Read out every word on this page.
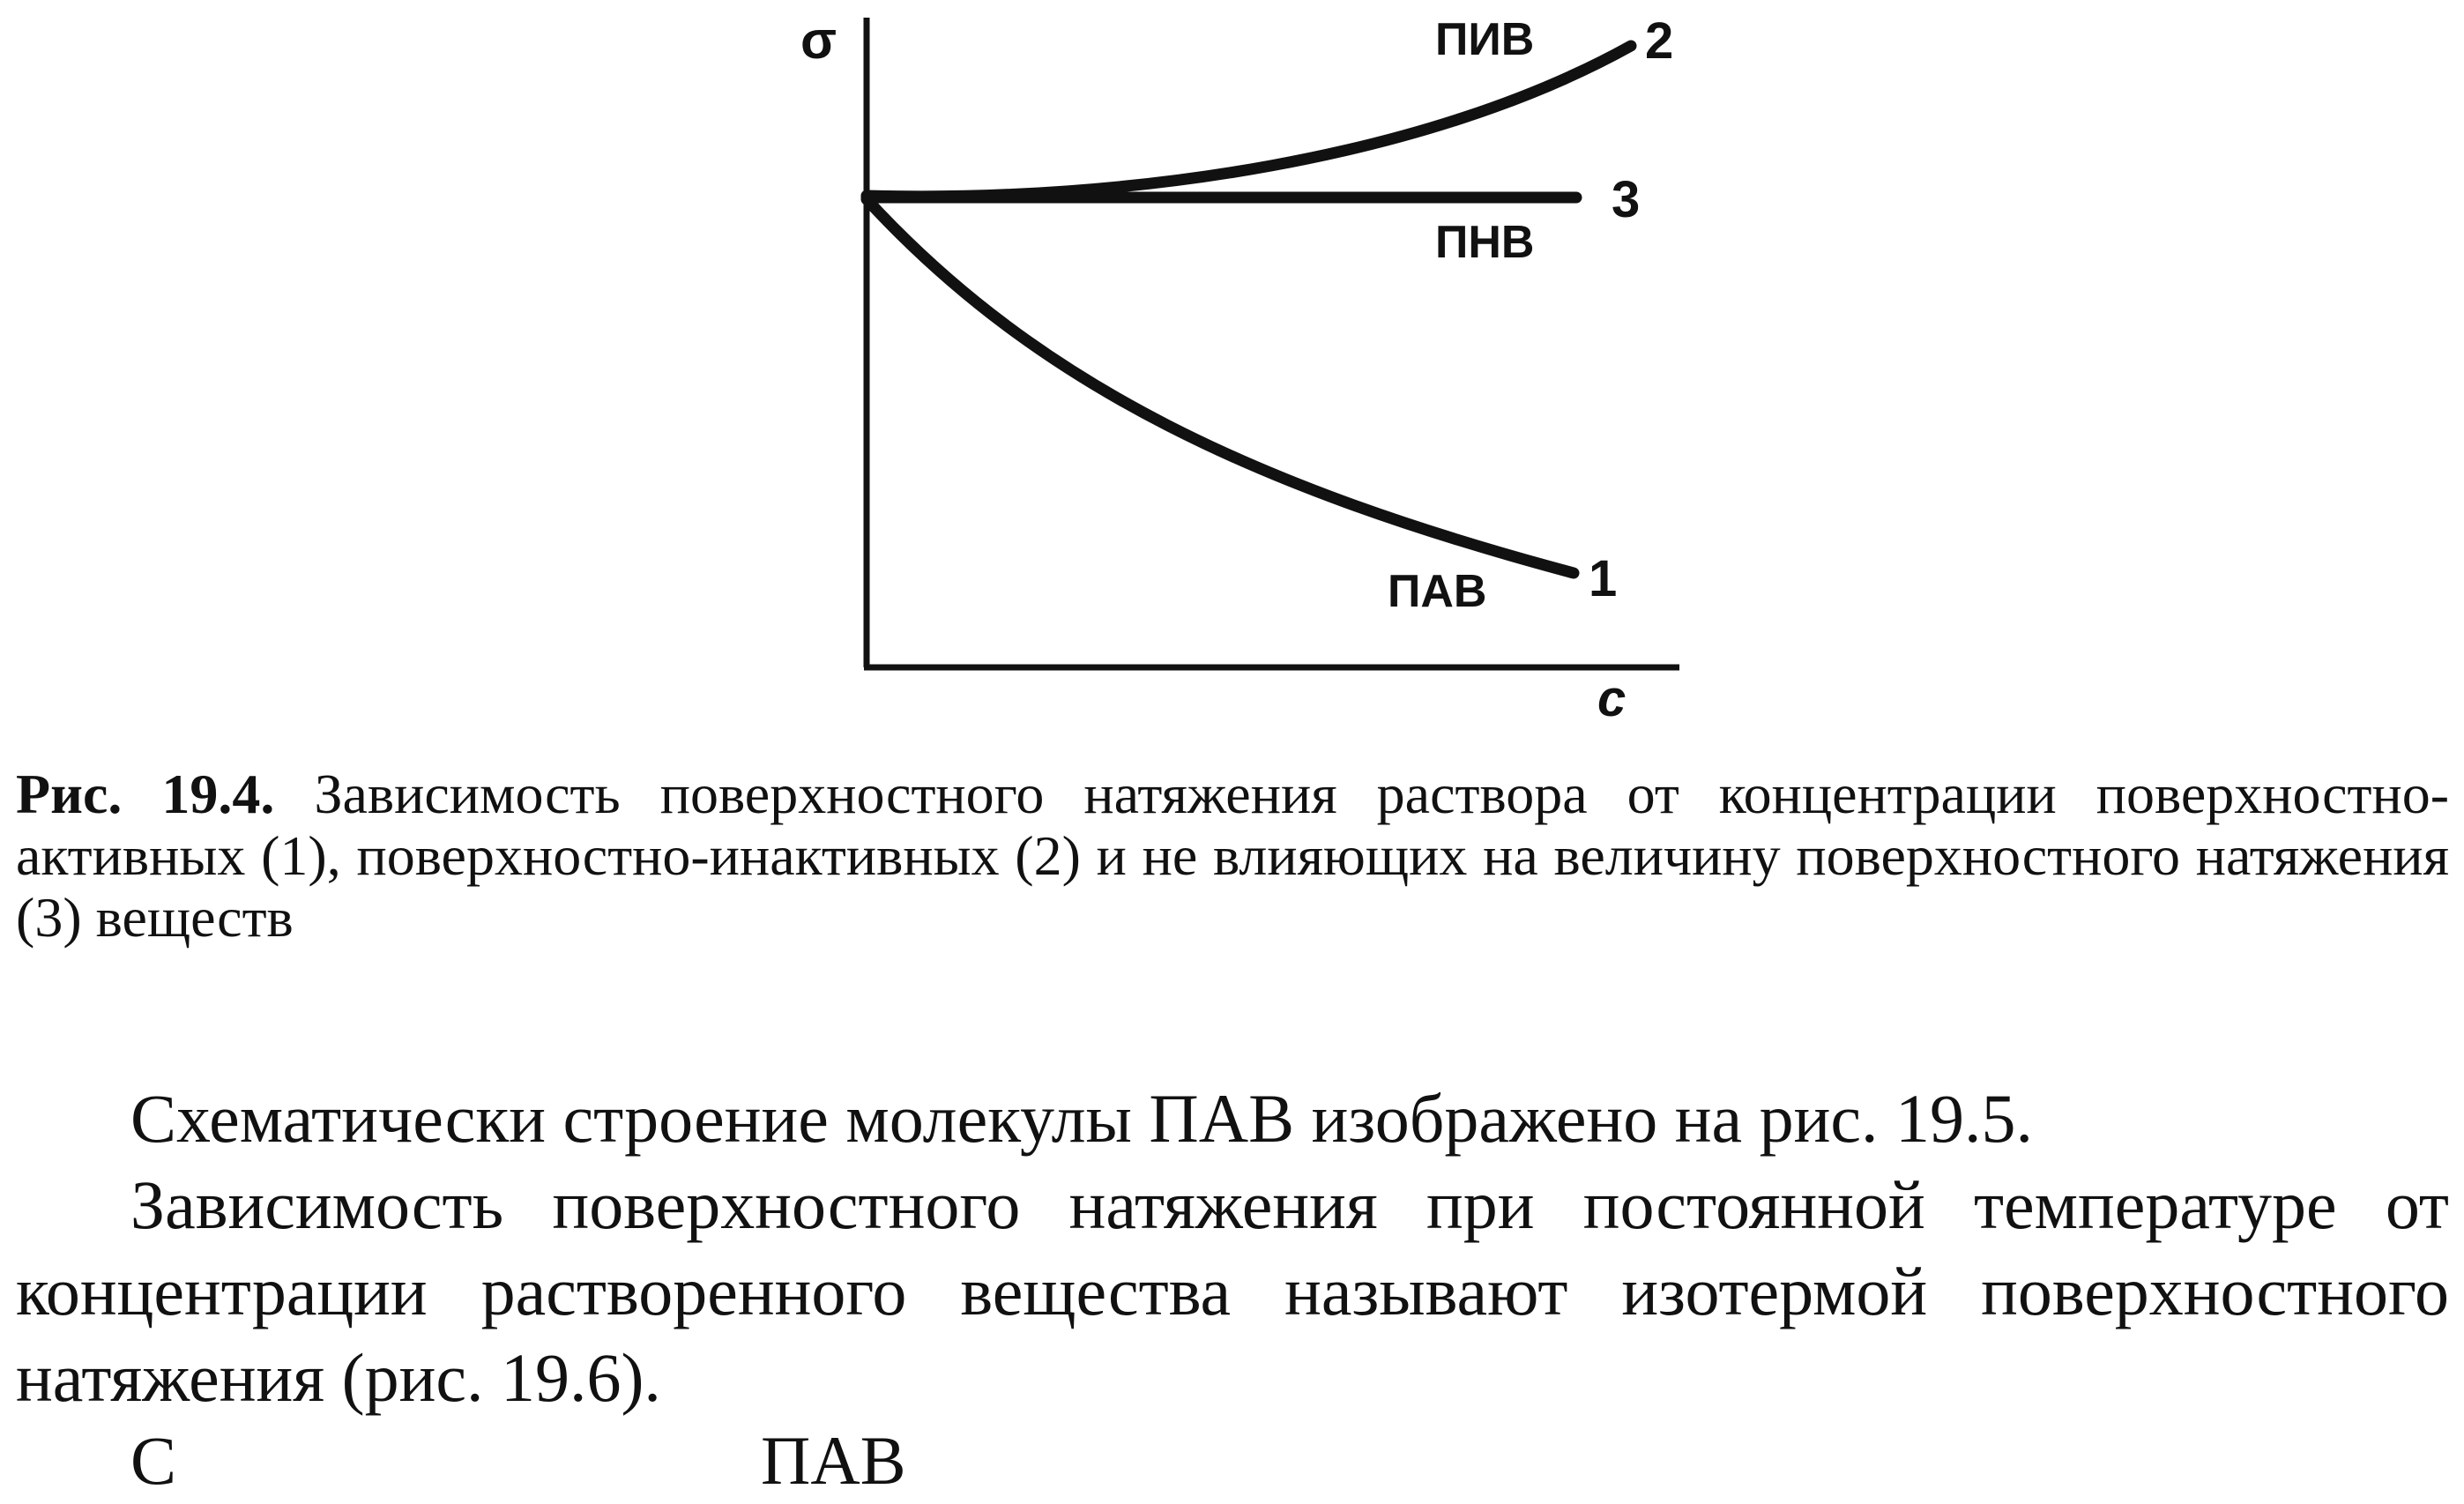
σ
c
ПИВ 2
ПНВ
3
ПАВ 1
Рис. 19.4. Зависимость поверхностного натяжения раствора от концентрации поверхностно-активных (1), поверхностно-инактивных (2) и не влияющих на величину поверхностного натяжения (3) веществ

Схематически строение молекулы ПАВ изображено на рис. 19.5.

Зависимость поверхностного натяжения при постоянной температуре от концентрации растворенного вещества называют изотермой поверхностного натяжения (рис. 19.6).

С                                  ПАВ
